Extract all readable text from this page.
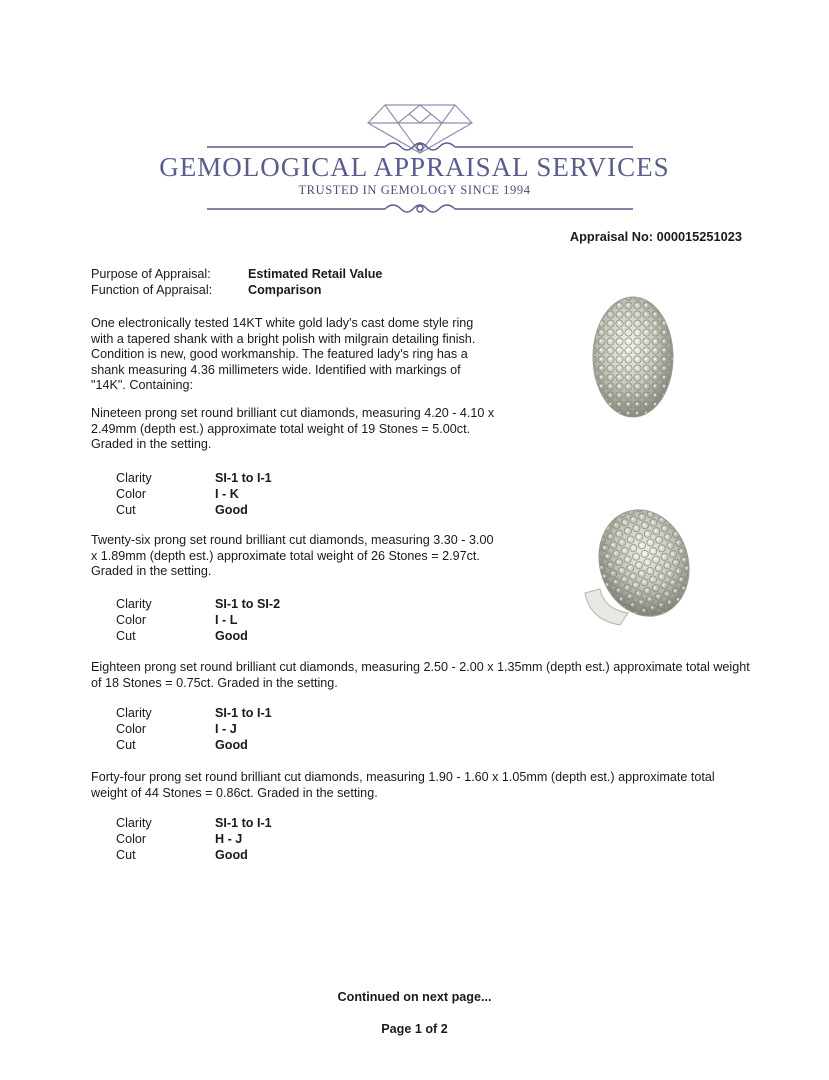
GEMOLOGICAL APPRAISAL SERVICES
TRUSTED IN GEMOLOGY SINCE 1994
Appraisal No: 000015251023
Purpose of Appraisal:	Estimated Retail Value
Function of Appraisal:	Comparison

One electronically tested 14KT white gold lady's cast dome style ring with a tapered shank with a bright polish with milgrain detailing finish. Condition is new, good workmanship. The featured lady's ring has a shank measuring 4.36 millimeters wide. Identified with markings of "14K". Containing:

Nineteen prong set round brilliant cut diamonds, measuring 4.20 - 4.10 x 2.49mm (depth est.) approximate total weight of 19 Stones = 5.00ct. Graded in the setting.

Clarity	SI-1 to I-1
Color	I - K
Cut	Good

Twenty-six prong set round brilliant cut diamonds, measuring 3.30 - 3.00 x 1.89mm (depth est.) approximate total weight of 26 Stones = 2.97ct. Graded in the setting.

Clarity	SI-1 to SI-2
Color	I - L
Cut	Good

Eighteen prong set round brilliant cut diamonds, measuring 2.50 - 2.00 x 1.35mm (depth est.) approximate total weight of 18 Stones = 0.75ct. Graded in the setting.

Clarity	SI-1 to I-1
Color	I - J
Cut	Good

Forty-four prong set round brilliant cut diamonds, measuring 1.90 - 1.60 x 1.05mm (depth est.) approximate total weight of 44 Stones = 0.86ct. Graded in the setting.

Clarity	SI-1 to I-1
Color	H - J
Cut	Good
Continued on next page...
Page 1 of 2
